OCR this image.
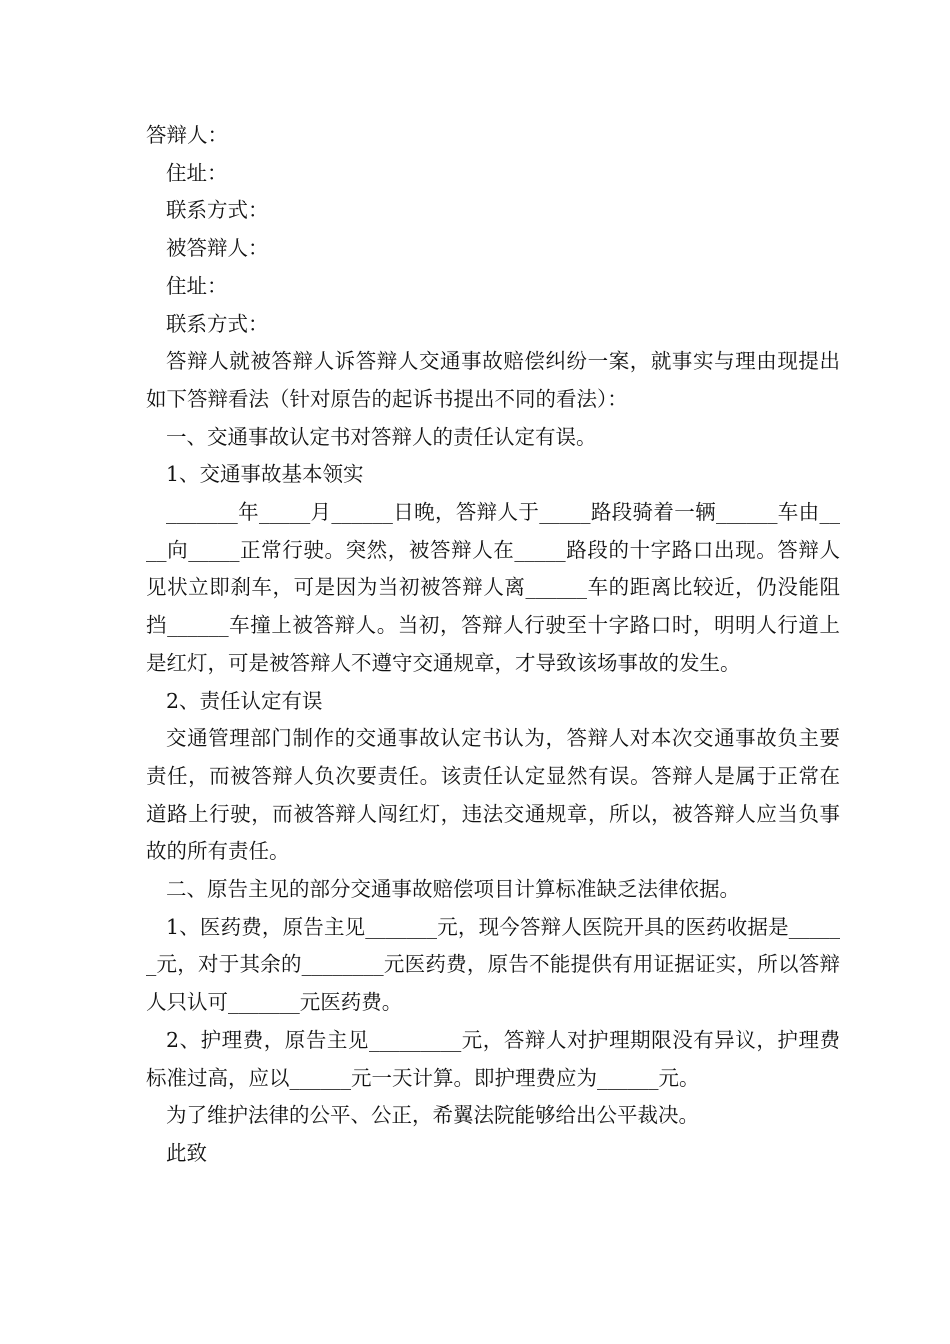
答辩人：
住址：
联系方式：
被答辩人：
住址：
联系方式：

答辩人就被答辩人诉答辩人交通事故赔偿纠纷一案，就事实与理由现提出如下答辩看法（针对原告的起诉书提出不同的看法）：

一、交通事故认定书对答辩人的责任认定有误。
1、交通事故基本领实

_______年_____月______日晚，答辩人于_____路段骑着一辆______车由____向_____正常行驶。突然，被答辩人在_____路段的十字路口出现。答辩人见状立即刹车，可是因为当初被答辩人离______车的距离比较近，仍没能阻挡______车撞上被答辩人。当初，答辩人行驶至十字路口时，明明人行道上是红灯，可是被答辩人不遵守交通规章，才导致该场事故的发生。

2、责任认定有误

交通管理部门制作的交通事故认定书认为，答辩人对本次交通事故负主要责任，而被答辩人负次要责任。该责任认定显然有误。答辩人是属于正常在道路上行驶，而被答辩人闯红灯，违法交通规章，所以，被答辩人应当负事故的所有责任。

二、原告主见的部分交通事故赔偿项目计算标准缺乏法律依据。

1、医药费，原告主见_______元，现今答辩人医院开具的医药收据是______元，对于其余的________元医药费，原告不能提供有用证据证实，所以答辩人只认可_______元医药费。

2、护理费，原告主见_________元，答辩人对护理期限没有异议，护理费标准过高，应以______元一天计算。即护理费应为______元。

为了维护法律的公平、公正，希翼法院能够给出公平裁决。
此致
